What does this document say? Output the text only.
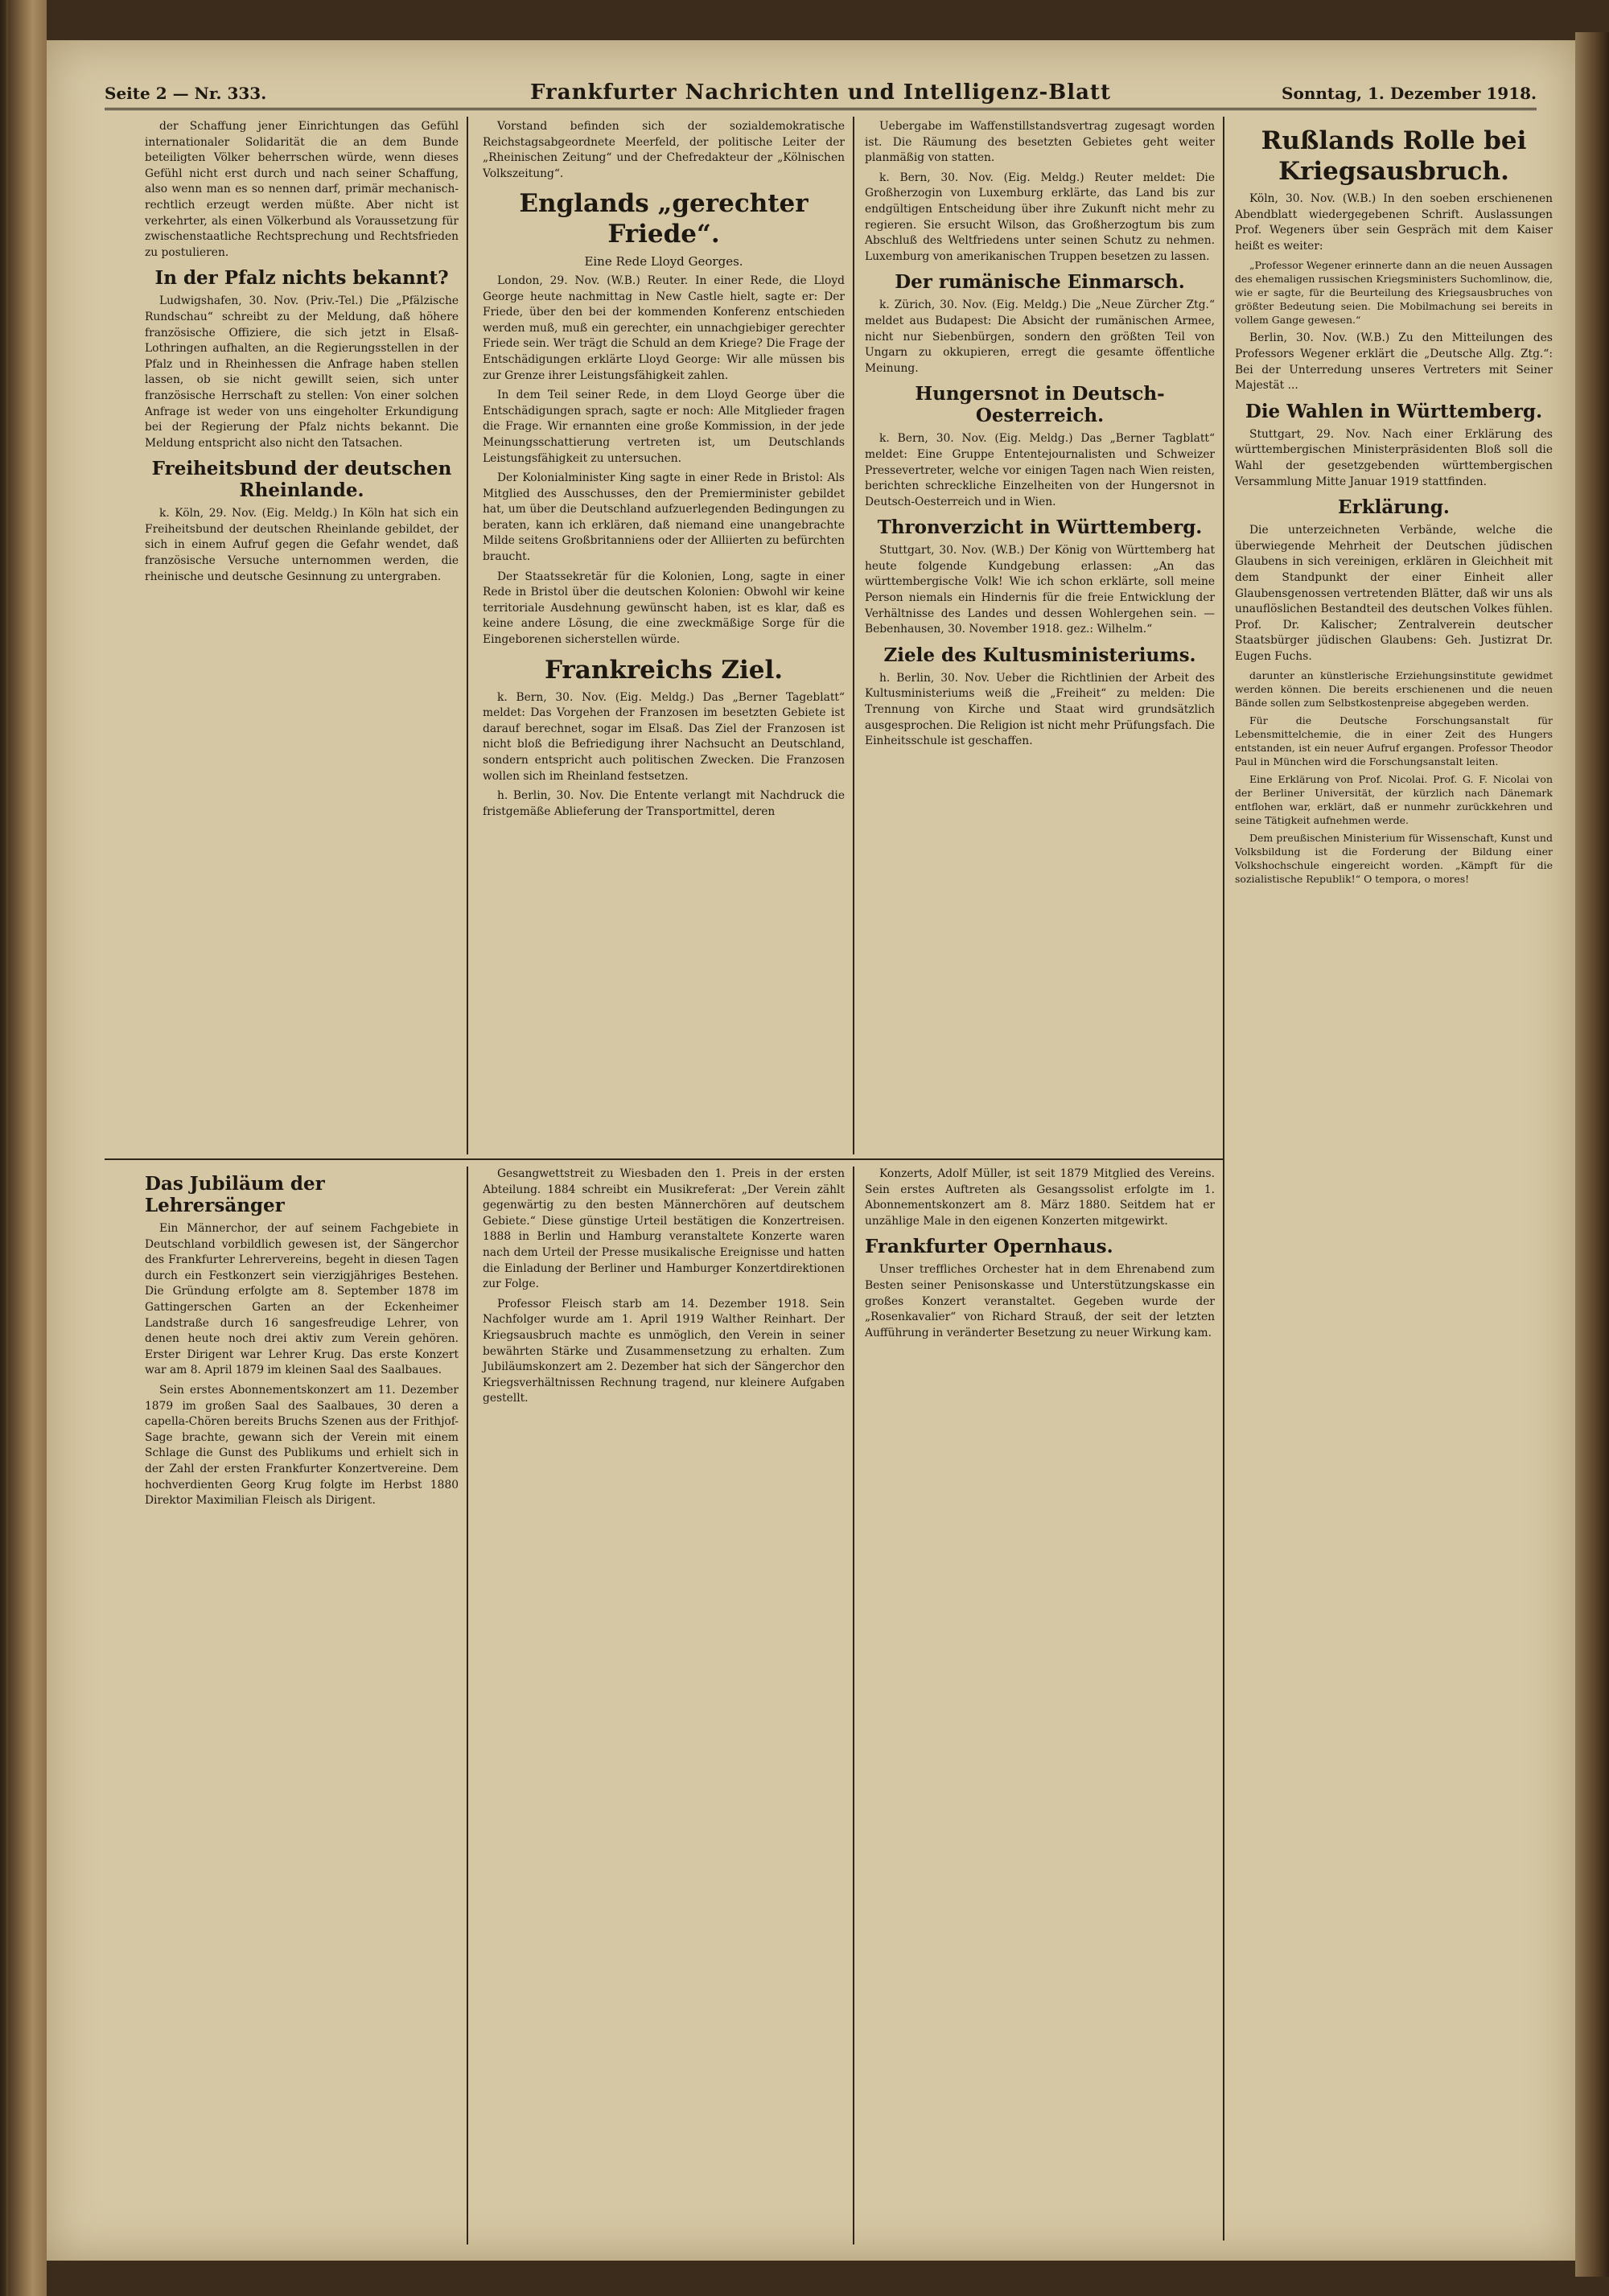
Seite 2 — Nr. 333.	Frankfurter Nachrichten und Intelligenz-Blatt	Sonntag, 1. Dezember 1918.

der Schaffung jener Einrichtungen das Gefühl internationaler Solidarität die an dem Bunde beteiligten Völker beherrschen würde, wenn dieses Gefühl nicht erst durch und nach seiner Schaffung, also wenn man es so nennen darf, primär mechanisch-rechtlich erzeugt werden müßte. Aber nicht ist verkehrter, als einen Völkerbund als Voraussetzung für zwischenstaatliche Rechtsprechung und Rechtsfrieden zu postulieren.

In der Pfalz nichts bekannt?

Ludwigshafen, 30. Nov. (Priv.-Tel.) Die „Pfälzische Rundschau“ schreibt zu der Meldung, daß höhere französische Offiziere, die sich jetzt in Elsaß-Lothringen aufhalten, an die Regierungsstellen in der Pfalz und in Rheinhessen die Anfrage haben stellen lassen, ob sie nicht gewillt seien, sich unter französische Herrschaft zu stellen: Von einer solchen Anfrage ist weder von uns eingeholter Erkundigung bei der Regierung der Pfalz nichts bekannt. Die Meldung entspricht also nicht den Tatsachen.

Freiheitsbund der deutschen Rheinlande.

k. Köln, 29. Nov. (Eig. Meldg.) In Köln hat sich ein Freiheitsbund der deutschen Rheinlande gebildet, der sich in einem Aufruf gegen die Gefahr wendet, daß französische Versuche unternommen werden, die rheinische und deutsche Gesinnung zu untergraben.

Vorstand befinden sich der sozialdemokratische Reichstagsabgeordnete Meerfeld, der politische Leiter der „Rheinischen Zeitung“ und der Chefredakteur der „Kölnischen Volkszeitung“.

Englands „gerechter Friede“.
Eine Rede Lloyd Georges.

London, 29. Nov. (W.B.) Reuter. In einer Rede, die Lloyd George heute nachmittag in New Castle hielt, sagte er: Der Friede, über den bei der kommenden Konferenz entschieden werden muß, muß ein gerechter, ein unnachgiebiger gerechter Friede sein. Wer trägt die Schuld an dem Kriege? Die Frage der Entschädigungen erklärte Lloyd George: Wir alle müssen bis zur Grenze ihrer Leistungsfähigkeit zahlen.

In dem Teil seiner Rede, in dem Lloyd George über die Entschädigungen sprach, sagte er noch: Alle Mitglieder fragen die Frage. Wir ernannten eine große Kommission, in der jede Meinungsschattierung vertreten ist, um Deutschlands Leistungsfähigkeit zu untersuchen.

Der Kolonialminister King sagte in einer Rede in Bristol: Als Mitglied des Ausschusses, den der Premierminister gebildet hat, um über die Deutschland aufzuerlegenden Bedingungen zu beraten, kann ich erklären, daß niemand eine unangebrachte Milde seitens Großbritanniens oder der Alliierten zu befürchten braucht.

Der Staatssekretär für die Kolonien, Long, sagte in einer Rede in Bristol über die deutschen Kolonien: Obwohl wir keine territoriale Ausdehnung gewünscht haben, ist es klar, daß es keine andere Lösung, die eine zweckmäßige Sorge für die Eingeborenen sicherstellen würde.

Frankreichs Ziel.

k. Bern, 30. Nov. (Eig. Meldg.) Das „Berner Tageblatt“ meldet: Das Vorgehen der Franzosen im besetzten Gebiete ist darauf berechnet, sogar im Elsaß. Das Ziel der Franzosen ist nicht bloß die Befriedigung ihrer Nachsucht an Deutschland, sondern entspricht auch politischen Zwecken. Die Franzosen wollen sich im Rheinland festsetzen.

h. Berlin, 30. Nov. Die Entente verlangt mit Nachdruck die fristgemäße Ablieferung der Transportmittel, deren

Uebergabe im Waffenstillstandsvertrag zugesagt worden ist. Die Räumung des besetzten Gebietes geht weiter planmäßig von statten.

k. Bern, 30. Nov. (Eig. Meldg.) Reuter meldet: Die Großherzogin von Luxemburg erklärte, das Land bis zur endgültigen Entscheidung über ihre Zukunft nicht mehr zu regieren. Sie ersucht Wilson, das Großherzogtum bis zum Abschluß des Weltfriedens unter seinen Schutz zu nehmen. Luxemburg von amerikanischen Truppen besetzen zu lassen.

Der rumänische Einmarsch.

k. Zürich, 30. Nov. (Eig. Meldg.) Die „Neue Zürcher Ztg.“ meldet aus Budapest: Die Absicht der rumänischen Armee, nicht nur Siebenbürgen, sondern den größten Teil von Ungarn zu okkupieren, erregt die gesamte öffentliche Meinung.

Hungersnot in Deutsch-Oesterreich.

k. Bern, 30. Nov. (Eig. Meldg.) Das „Berner Tagblatt“ meldet: Eine Gruppe Ententejournalisten und Schweizer Pressevertreter, welche vor einigen Tagen nach Wien reisten, berichten schreckliche Einzelheiten von der Hungersnot in Deutsch-Oesterreich und in Wien.

Thronverzicht in Württemberg.

Stuttgart, 30. Nov. (W.B.) Der König von Württemberg hat heute folgende Kundgebung erlassen: „An das württembergische Volk! Wie ich schon erklärte, soll meine Person niemals ein Hindernis für die freie Entwicklung der Verhältnisse des Landes und dessen Wohlergehen sein. — Bebenhausen, 30. November 1918. gez.: Wilhelm.“

Ziele des Kultusministeriums.

h. Berlin, 30. Nov. Ueber die Richtlinien der Arbeit des Kultusministeriums weiß die „Freiheit“ zu melden: Die Trennung von Kirche und Staat wird grundsätzlich ausgesprochen. Die Religion ist nicht mehr Prüfungsfach. Die Einheitsschule ist geschaffen.

Rußlands Rolle bei Kriegsausbruch.

Köln, 30. Nov. (W.B.) In den soeben erschienenen Abendblatt wiedergegebenen Schrift. Auslassungen Prof. Wegeners über sein Gespräch mit dem Kaiser heißt es weiter:

„Professor Wegener erinnerte dann an die neuen Aussagen des ehemaligen russischen Kriegsministers Suchomlinow, die, wie er sagte, für die Beurteilung des Kriegsausbruches von größter Bedeutung seien. Die Mobilmachung sei bereits in vollem Gange gewesen.“

Berlin, 30. Nov. (W.B.) Zu den Mitteilungen des Professors Wegener erklärt die „Deutsche Allg. Ztg.“: Bei der Unterredung unseres Vertreters mit Seiner Majestät ...

Die Wahlen in Württemberg.

Stuttgart, 29. Nov. Nach einer Erklärung des württembergischen Ministerpräsidenten Bloß soll die Wahl der gesetzgebenden württembergischen Versammlung Mitte Januar 1919 stattfinden.

Erklärung.

Die unterzeichneten Verbände, welche die überwiegende Mehrheit der Deutschen jüdischen Glaubens in sich vereinigen, erklären in Gleichheit mit dem Standpunkt der einer Einheit aller Glaubensgenossen vertretenden Blätter, daß wir uns als unauflöslichen Bestandteil des deutschen Volkes fühlen. Prof. Dr. Kalischer; Zentralverein deutscher Staatsbürger jüdischen Glaubens: Geh. Justizrat Dr. Eugen Fuchs.

darunter an künstlerische Erziehungsinstitute gewidmet werden können. Die bereits erschienenen und die neuen Bände sollen zum Selbstkostenpreise abgegeben werden.

Für die Deutsche Forschungsanstalt für Lebensmittelchemie, die in einer Zeit des Hungers entstanden, ist ein neuer Aufruf ergangen. Professor Theodor Paul in München wird die Forschungsanstalt leiten.

Eine Erklärung von Prof. Nicolai. Prof. G. F. Nicolai von der Berliner Universität, der kürzlich nach Dänemark entflohen war, erklärt, daß er nunmehr zurückkehren und seine Tätigkeit aufnehmen werde.

Dem preußischen Ministerium für Wissenschaft, Kunst und Volksbildung ist die Forderung der Bildung einer Volkshochschule eingereicht worden. „Kämpft für die sozialistische Republik!“ O tempora, o mores!

Das Jubiläum der Lehrersänger

Ein Männerchor, der auf seinem Fachgebiete in Deutschland vorbildlich gewesen ist, der Sängerchor des Frankfurter Lehrervereins, begeht in diesen Tagen durch ein Festkonzert sein vierzigjähriges Bestehen. Die Gründung erfolgte am 8. September 1878 im Gattingerschen Garten an der Eckenheimer Landstraße durch 16 sangesfreudige Lehrer, von denen heute noch drei aktiv zum Verein gehören. Erster Dirigent war Lehrer Krug. Das erste Konzert war am 8. April 1879 im kleinen Saal des Saalbaues.

Sein erstes Abonnementskonzert am 11. Dezember 1879 im großen Saal des Saalbaues, 30 deren a capella-Chören bereits Bruchs Szenen aus der Frithjof-Sage brachte, gewann sich der Verein mit einem Schlage die Gunst des Publikums und erhielt sich in der Zahl der ersten Frankfurter Konzertvereine. Dem hochverdienten Georg Krug folgte im Herbst 1880 Direktor Maximilian Fleisch als Dirigent.

Gesangwettstreit zu Wiesbaden den 1. Preis in der ersten Abteilung. 1884 schreibt ein Musikreferat: „Der Verein zählt gegenwärtig zu den besten Männerchören auf deutschem Gebiete.“ Diese günstige Urteil bestätigen die Konzertreisen. 1888 in Berlin und Hamburg veranstaltete Konzerte waren nach dem Urteil der Presse musikalische Ereignisse und hatten die Einladung der Berliner und Hamburger Konzertdirektionen zur Folge.

Professor Fleisch starb am 14. Dezember 1918. Sein Nachfolger wurde am 1. April 1919 Walther Reinhart. Der Kriegsausbruch machte es unmöglich, den Verein in seiner bewährten Stärke und Zusammensetzung zu erhalten. Zum Jubiläumskonzert am 2. Dezember hat sich der Sängerchor den Kriegsverhältnissen Rechnung tragend, nur kleinere Aufgaben gestellt.

Konzerts, Adolf Müller, ist seit 1879 Mitglied des Vereins. Sein erstes Auftreten als Gesangssolist erfolgte im 1. Abonnementskonzert am 8. März 1880. Seitdem hat er unzählige Male in den eigenen Konzerten mitgewirkt.

Frankfurter Opernhaus.

Unser treffliches Orchester hat in dem Ehrenabend zum Besten seiner Penisonskasse und Unterstützungskasse ein großes Konzert veranstaltet. Gegeben wurde der „Rosenkavalier“ von Richard Strauß, der seit der letzten Aufführung in veränderter Besetzung zu neuer Wirkung kam.
